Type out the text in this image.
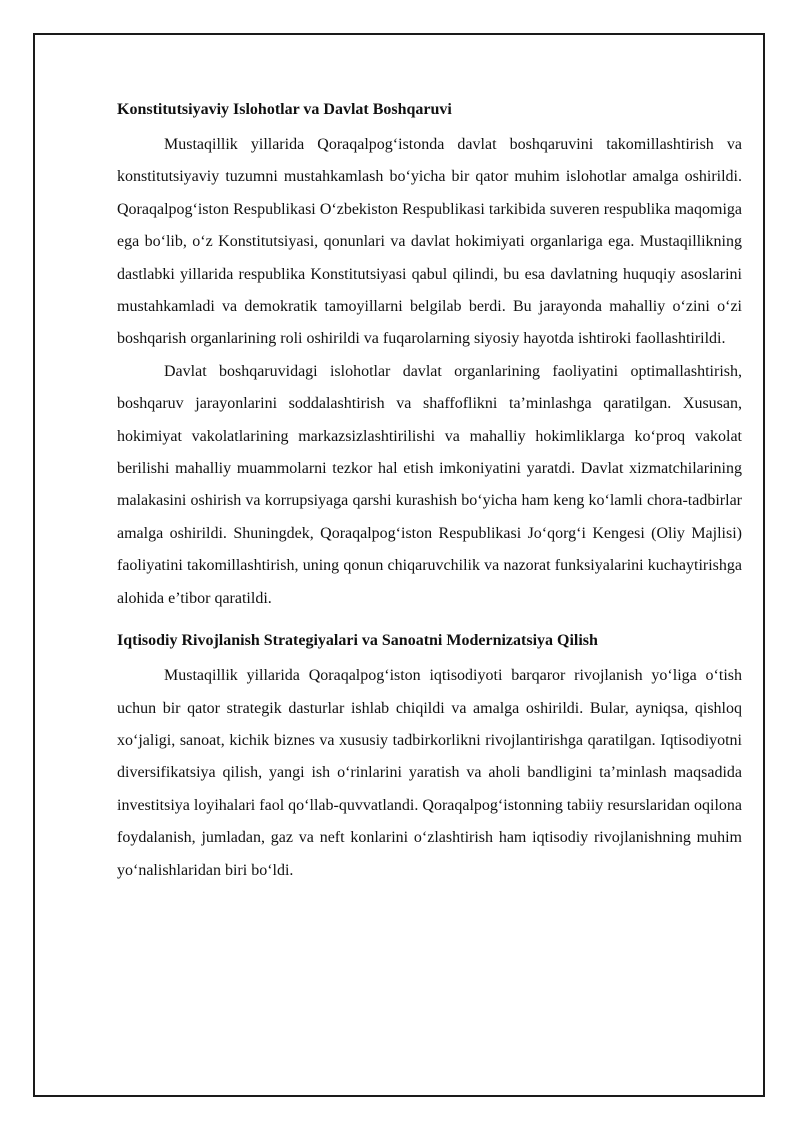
Konstitutsiyaviy Islohotlar va Davlat Boshqaruvi

Mustaqillik yillarida Qoraqalpog‘istonda davlat boshqaruvini takomillashtirish va konstitutsiyaviy tuzumni mustahkamlash bo‘yicha bir qator muhim islohotlar amalga oshirildi. Qoraqalpog‘iston Respublikasi O‘zbekiston Respublikasi tarkibida suveren respublika maqomiga ega bo‘lib, o‘z Konstitutsiyasi, qonunlari va davlat hokimiyati organlariga ega. Mustaqillikning dastlabki yillarida respublika Konstitutsiyasi qabul qilindi, bu esa davlatning huquqiy asoslarini mustahkamladi va demokratik tamoyillarni belgilab berdi. Bu jarayonda mahalliy o‘zini o‘zi boshqarish organlarining roli oshirildi va fuqarolarning siyosiy hayotda ishtiroki faollashtirildi.

Davlat boshqaruvidagi islohotlar davlat organlarining faoliyatini optimallashtirish, boshqaruv jarayonlarini soddalashtirish va shaffoflikni ta’minlashga qaratilgan. Xususan, hokimiyat vakolatlarining markazsizlashtirilishi va mahalliy hokimliklarga ko‘proq vakolat berilishi mahalliy muammolarni tezkor hal etish imkoniyatini yaratdi. Davlat xizmatchilarining malakasini oshirish va korrupsiyaga qarshi kurashish bo‘yicha ham keng ko‘lamli chora-tadbirlar amalga oshirildi. Shuningdek, Qoraqalpog‘iston Respublikasi Jo‘qorg‘i Kengesi (Oliy Majlisi) faoliyatini takomillashtirish, uning qonun chiqaruvchilik va nazorat funksiyalarini kuchaytirishga alohida e’tibor qaratildi.

Iqtisodiy Rivojlanish Strategiyalari va Sanoatni Modernizatsiya Qilish

Mustaqillik yillarida Qoraqalpog‘iston iqtisodiyoti barqaror rivojlanish yo‘liga o‘tish uchun bir qator strategik dasturlar ishlab chiqildi va amalga oshirildi. Bular, ayniqsa, qishloq xo‘jaligi, sanoat, kichik biznes va xususiy tadbirkorlikni rivojlantirishga qaratilgan. Iqtisodiyotni diversifikatsiya qilish, yangi ish o‘rinlarini yaratish va aholi bandligini ta’minlash maqsadida investitsiya loyihalari faol qo‘llab-quvvatlandi. Qoraqalpog‘istonning tabiiy resurslaridan oqilona foydalanish, jumladan, gaz va neft konlarini o‘zlashtirish ham iqtisodiy rivojlanishning muhim yo‘nalishlaridan biri bo‘ldi.
